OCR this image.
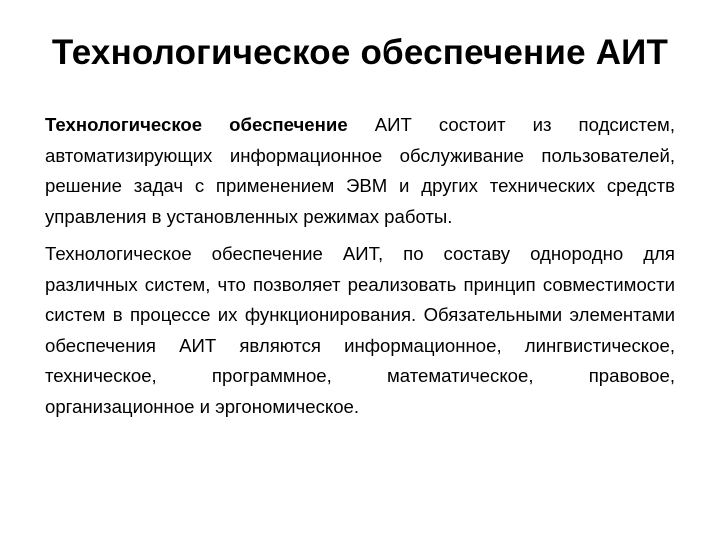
Технологическое обеспечение АИТ

Технологическое обеспечение АИТ состоит из подсистем, автоматизирующих информационное обслуживание пользователей, решение задач с применением ЭВМ и других технических средств управления в установленных режимах работы.

Технологическое обеспечение АИТ, по составу однородно для различных систем, что позволяет реализовать принцип совместимости систем в процессе их функционирования. Обязательными элементами обеспечения АИТ являются информационное, лингвистическое, техническое, программное, математическое, правовое, организационное и эргономическое.
